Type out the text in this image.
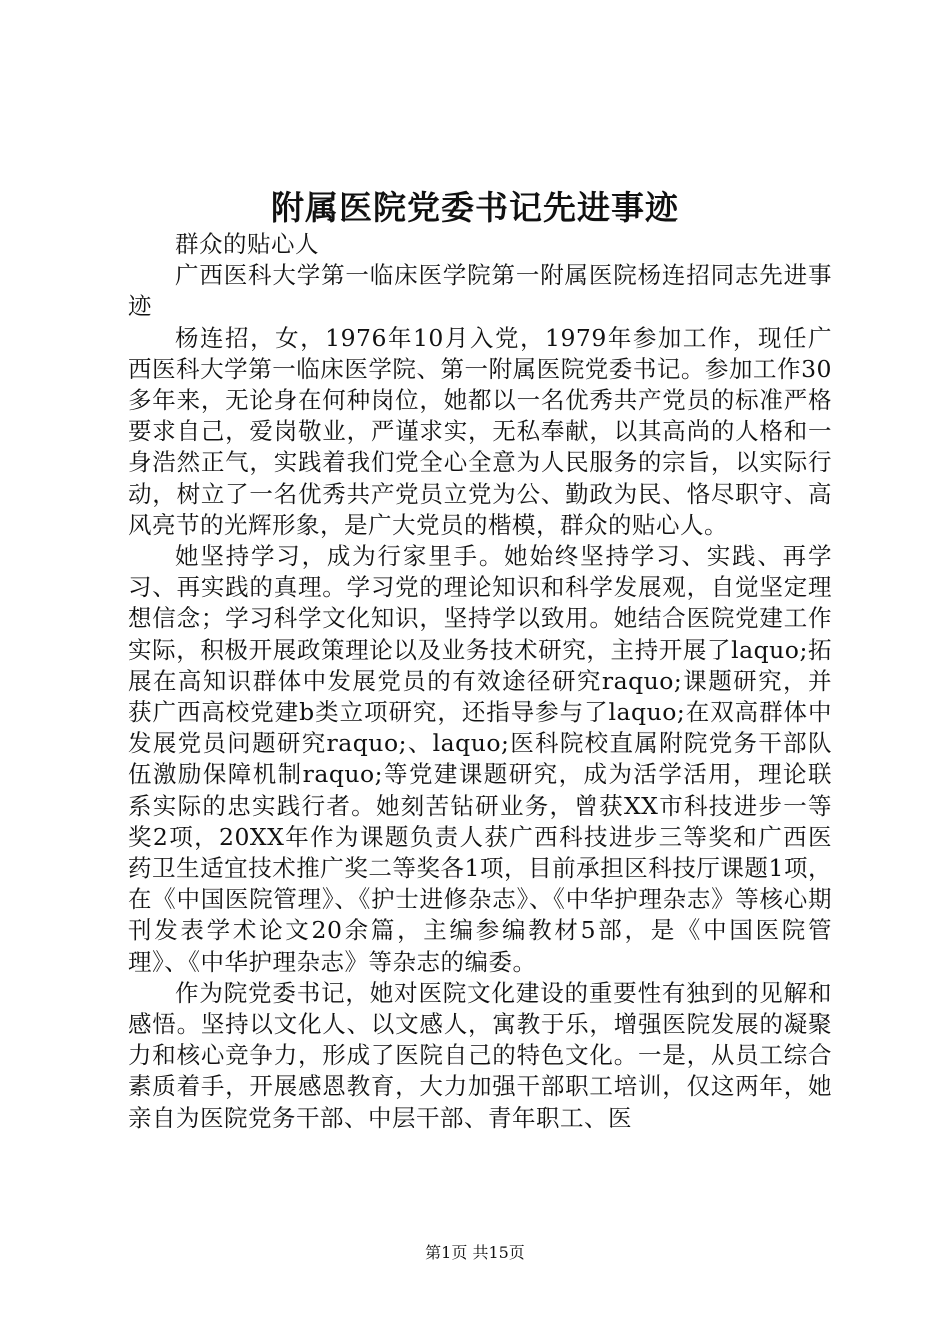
附属医院党委书记先进事迹

群众的贴心人

广西医科大学第一临床医学院第一附属医院杨连招同志先进事迹

杨连招，女，1976年10月入党，1979年参加工作，现任广西医科大学第一临床医学院、第一附属医院党委书记。参加工作30多年来，无论身在何种岗位，她都以一名优秀共产党员的标准严格要求自己，爱岗敬业，严谨求实，无私奉献，以其高尚的人格和一身浩然正气，实践着我们党全心全意为人民服务的宗旨，以实际行动，树立了一名优秀共产党员立党为公、勤政为民、恪尽职守、高风亮节的光辉形象，是广大党员的楷模，群众的贴心人。

她坚持学习，成为行家里手。她始终坚持学习、实践、再学习、再实践的真理。学习党的理论知识和科学发展观，自觉坚定理想信念；学习科学文化知识，坚持学以致用。她结合医院党建工作实际，积极开展政策理论以及业务技术研究，主持开展了laquo;拓展在高知识群体中发展党员的有效途径研究raquo;课题研究，并获广西高校党建b类立项研究，还指导参与了laquo;在双高群体中发展党员问题研究raquo;、laquo;医科院校直属附院党务干部队伍激励保障机制raquo;等党建课题研究，成为活学活用，理论联系实际的忠实践行者。她刻苦钻研业务，曾获XX市科技进步一等奖2项，20XX年作为课题负责人获广西科技进步三等奖和广西医药卫生适宜技术推广奖二等奖各1项，目前承担区科技厅课题1项，在《中国医院管理》、《护士进修杂志》、《中华护理杂志》等核心期刊发表学术论文20余篇，主编参编教材5部，是《中国医院管理》、《中华护理杂志》等杂志的编委。

作为院党委书记，她对医院文化建设的重要性有独到的见解和感悟。坚持以文化人、以文感人，寓教于乐，增强医院发展的凝聚力和核心竞争力，形成了医院自己的特色文化。一是，从员工综合素质着手，开展感恩教育，大力加强干部职工培训，仅这两年，她亲自为医院党务干部、中层干部、青年职工、医

第1页 共15页
